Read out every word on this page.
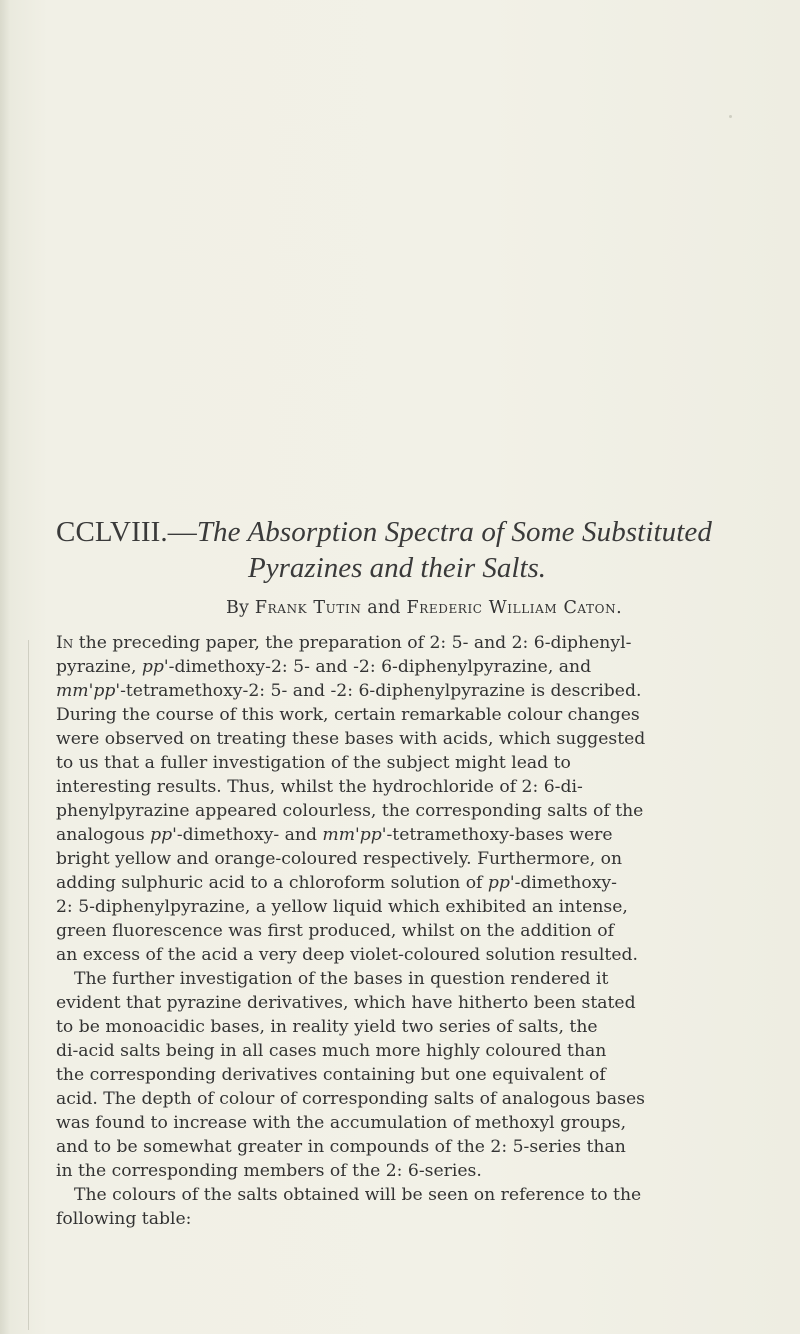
CCLVIII.—The Absorption Spectra of Some Substituted
Pyrazines and their Salts.
By Frank Tutin and Frederic William Caton.
In the preceding paper, the preparation of 2: 5- and 2: 6-diphenyl-
pyrazine, pp'-dimethoxy-2: 5- and -2: 6-diphenylpyrazine, and
mm'pp'-tetramethoxy-2: 5- and -2: 6-diphenylpyrazine is described.
During the course of this work, certain remarkable colour changes
were observed on treating these bases with acids, which suggested
to us that a fuller investigation of the subject might lead to
interesting results. Thus, whilst the hydrochloride of 2: 6-di-
phenylpyrazine appeared colourless, the corresponding salts of the
analogous pp'-dimethoxy- and mm'pp'-tetramethoxy-bases were
bright yellow and orange-coloured respectively. Furthermore, on
adding sulphuric acid to a chloroform solution of pp'-dimethoxy-
2: 5-diphenylpyrazine, a yellow liquid which exhibited an intense,
green fluorescence was first produced, whilst on the addition of
an excess of the acid a very deep violet-coloured solution resulted.
The further investigation of the bases in question rendered it
evident that pyrazine derivatives, which have hitherto been stated
to be monoacidic bases, in reality yield two series of salts, the
di-acid salts being in all cases much more highly coloured than
the corresponding derivatives containing but one equivalent of
acid. The depth of colour of corresponding salts of analogous bases
was found to increase with the accumulation of methoxyl groups,
and to be somewhat greater in compounds of the 2: 5-series than
in the corresponding members of the 2: 6-series.
The colours of the salts obtained will be seen on reference to the
following table:
